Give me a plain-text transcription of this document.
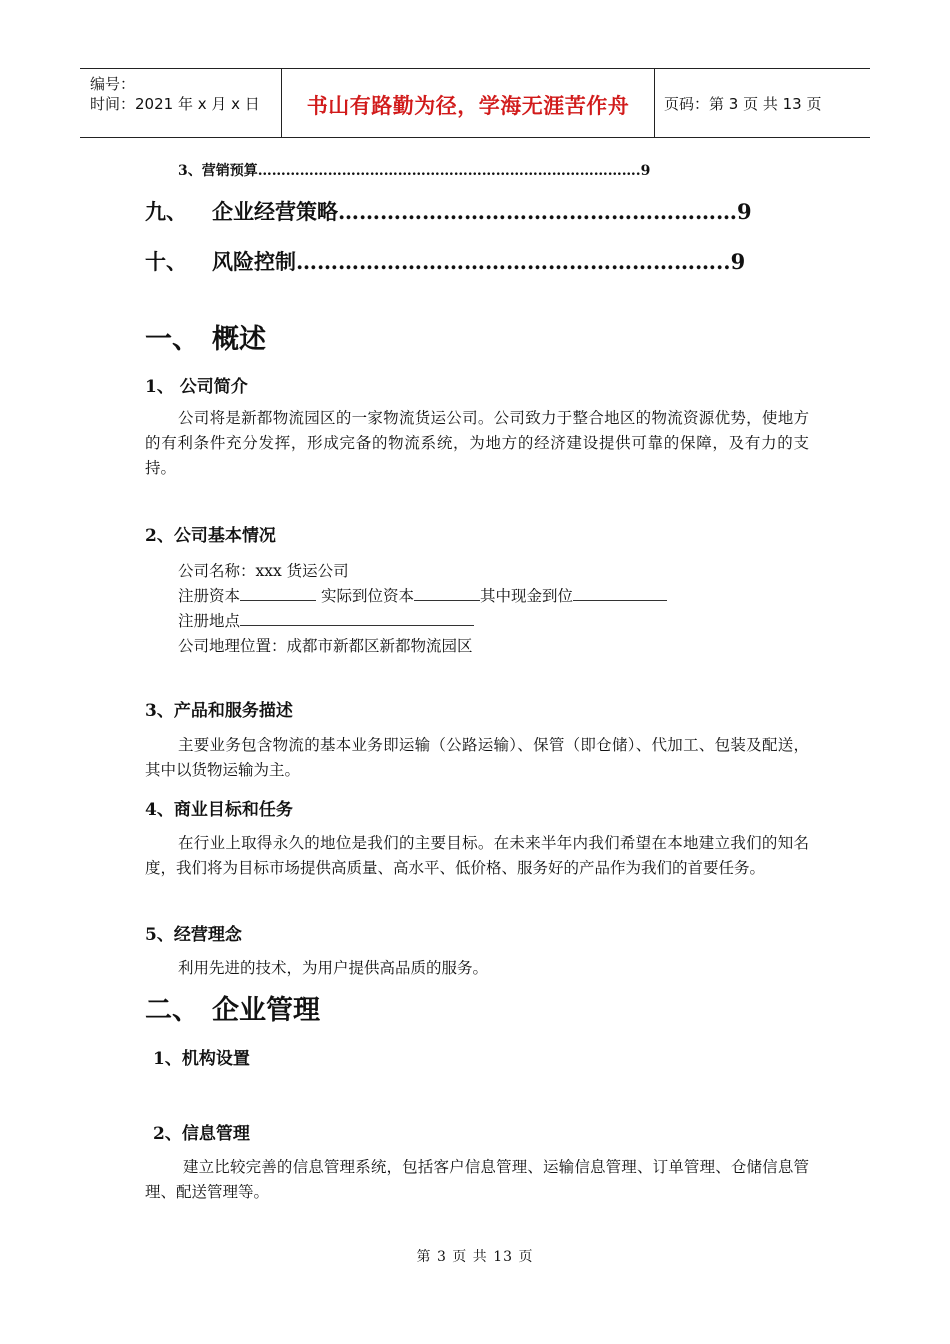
编号：
时间：2021 年 x 月 x 日	书山有路勤为径，学海无涯苦作舟	页码：第 3 页 共 13 页
3、营销预算……………………………………………………………………….9
九、 企业经营策略…………………………………………………9
十、 风险控制……………………………………………………..9
一、 概述
1、 公司简介
公司将是新都物流园区的一家物流货运公司。公司致力于整合地区的物流资源优势，使地方的有利条件充分发挥，形成完备的物流系统，为地方的经济建设提供可靠的保障，及有力的支持。
2、公司基本情况
公司名称：xxx 货运公司
注册资本	实际到位资本	其中现金到位
注册地点
公司地理位置：成都市新都区新都物流园区
3、产品和服务描述
主要业务包含物流的基本业务即运输（公路运输）、保管（即仓储）、代加工、包装及配送，其中以货物运输为主。
4、商业目标和任务
在行业上取得永久的地位是我们的主要目标。在未来半年内我们希望在本地建立我们的知名度，我们将为目标市场提供高质量、高水平、低价格、服务好的产品作为我们的首要任务。
5、经营理念
利用先进的技术，为用户提供高品质的服务。
二、 企业管理
1、机构设置
2、信息管理
建立比较完善的信息管理系统，包括客户信息管理、运输信息管理、订单管理、仓储信息管理、配送管理等。
第 3 页 共 13 页
